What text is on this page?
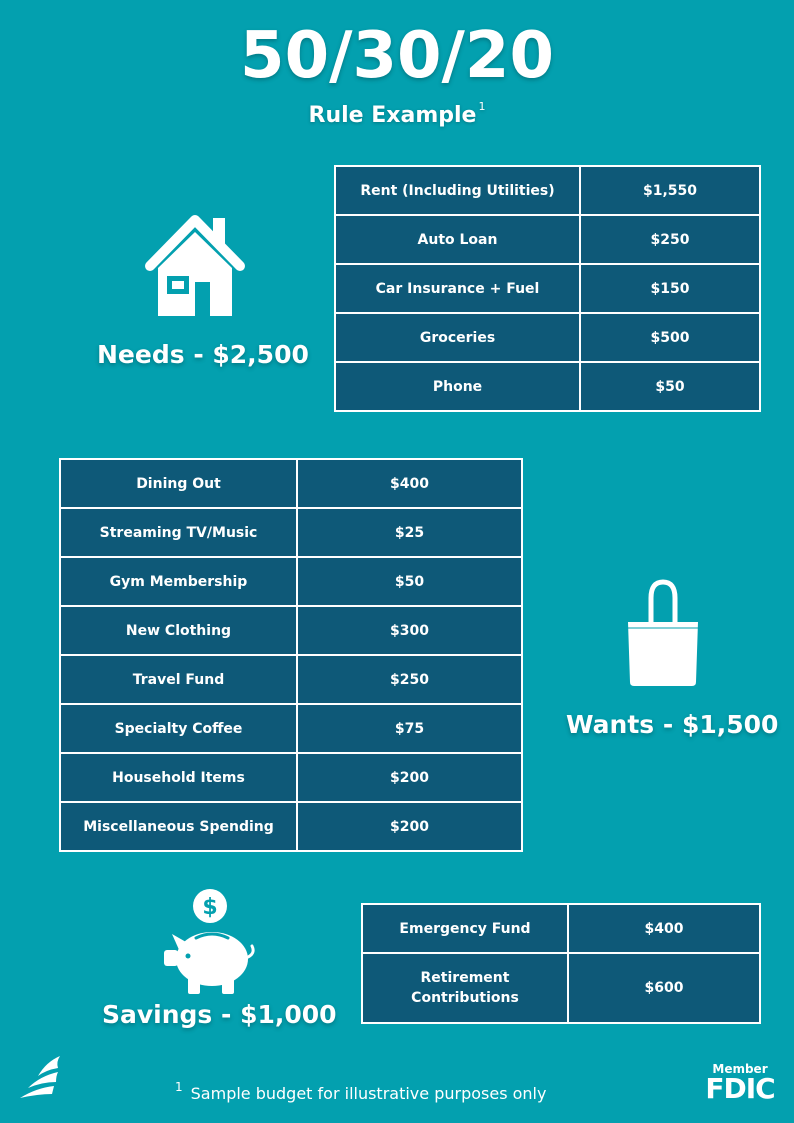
50/30/20
Rule Example $^1$
Needs - $2,500
Rent (Including Utilities)	$1,550
Auto Loan	$250
Car Insurance + Fuel	$150
Groceries	$500
Phone	$50
Dining Out	$400
Streaming TV/Music	$25
Gym Membership	$50
New Clothing	$300
Travel Fund	$250
Specialty Coffee	$75
Household Items	$200
Miscellaneous Spending	$200
Wants - $1,500
$
Savings - $1,000
Emergency Fund	$400
Retirement Contributions	$600
$^1$ Sample budget for illustrative purposes only
Member
FDIC
